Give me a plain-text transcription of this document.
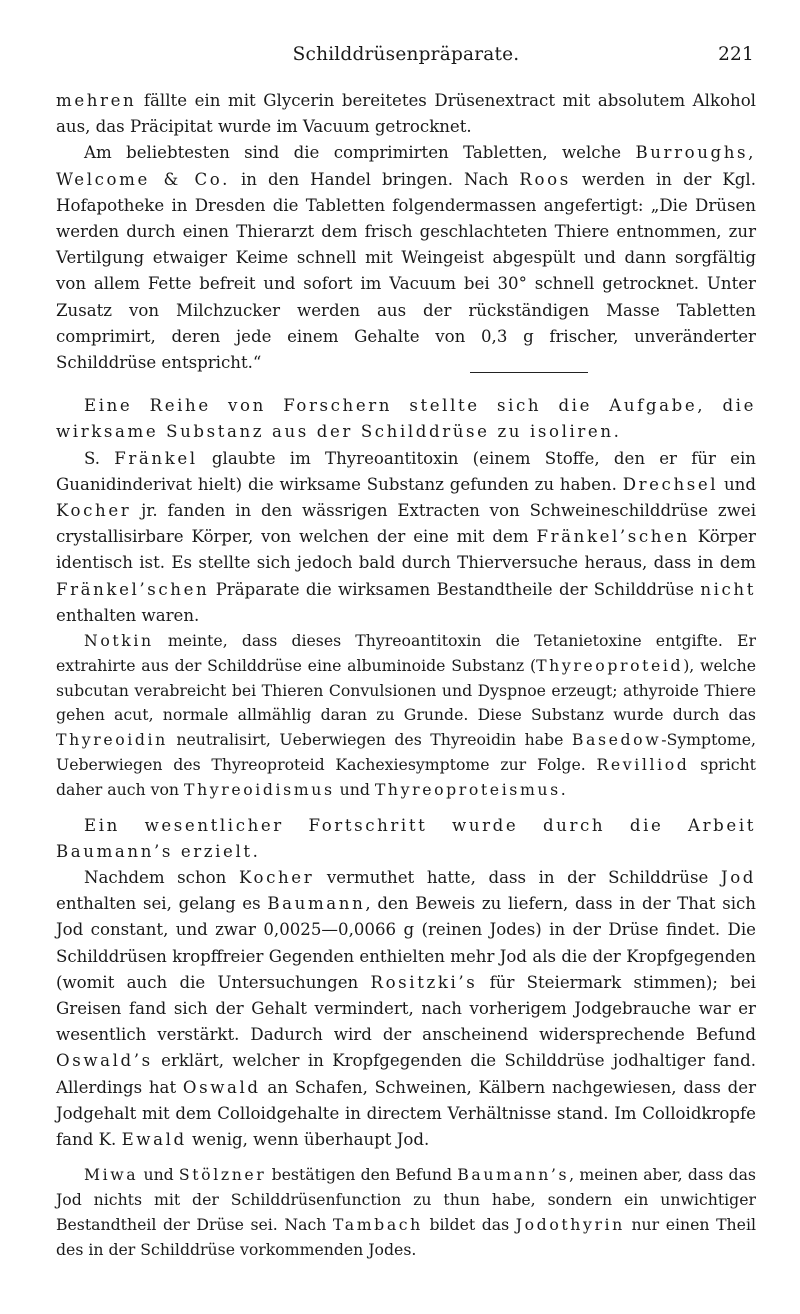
Schilddrüsenpräparate.	221

mehren fällte ein mit Glycerin bereitetes Drüsenextract mit absolutem Alkohol aus, das Präcipitat wurde im Vacuum getrocknet.

Am beliebtesten sind die comprimirten Tabletten, welche Burroughs, Welcome & Co. in den Handel bringen. Nach Roos werden in der Kgl. Hofapotheke in Dresden die Tabletten folgendermassen angefertigt: „Die Drüsen werden durch einen Thierarzt dem frisch geschlachteten Thiere entnommen, zur Vertilgung etwaiger Keime schnell mit Weingeist abgespült und dann sorgfältig von allem Fette befreit und sofort im Vacuum bei 30° schnell getrocknet. Unter Zusatz von Milchzucker werden aus der rückständigen Masse Tabletten comprimirt, deren jede einem Gehalte von 0,3 g frischer, unveränderter Schilddrüse entspricht.“

Eine Reihe von Forschern stellte sich die Aufgabe, die wirksame Substanz aus der Schilddrüse zu isoliren.

S. Fränkel glaubte im Thyreoantitoxin (einem Stoffe, den er für ein Guanidinderivat hielt) die wirksame Substanz gefunden zu haben. Drechsel und Kocher jr. fanden in den wässrigen Extracten von Schweineschilddrüse zwei crystallisirbare Körper, von welchen der eine mit dem Fränkel’schen Körper identisch ist. Es stellte sich jedoch bald durch Thierversuche heraus, dass in dem Fränkel’schen Präparate die wirksamen Bestandtheile der Schilddrüse nicht enthalten waren.

Notkin meinte, dass dieses Thyreoantitoxin die Tetanietoxine entgifte. Er extrahirte aus der Schilddrüse eine albuminoide Substanz (Thyreoproteid), welche subcutan verabreicht bei Thieren Convulsionen und Dyspnoe erzeugt; athyroide Thiere gehen acut, normale allmählig daran zu Grunde. Diese Substanz wurde durch das Thyreoidin neutralisirt, Ueberwiegen des Thyreoidin habe Basedow-Symptome, Ueberwiegen des Thyreoproteid Kachexiesymptome zur Folge. Revilliod spricht daher auch von Thyreoidismus und Thyreoproteismus.

Ein wesentlicher Fortschritt wurde durch die Arbeit Baumann’s erzielt.

Nachdem schon Kocher vermuthet hatte, dass in der Schilddrüse Jod enthalten sei, gelang es Baumann, den Beweis zu liefern, dass in der That sich Jod constant, und zwar 0,0025—0,0066 g (reinen Jodes) in der Drüse findet. Die Schilddrüsen kropffreier Gegenden enthielten mehr Jod als die der Kropfgegenden (womit auch die Untersuchungen Rositzki’s für Steiermark stimmen); bei Greisen fand sich der Gehalt vermindert, nach vorherigem Jodgebrauche war er wesentlich verstärkt. Dadurch wird der anscheinend widersprechende Befund Oswald’s erklärt, welcher in Kropfgegenden die Schilddrüse jodhaltiger fand. Allerdings hat Oswald an Schafen, Schweinen, Kälbern nachgewiesen, dass der Jodgehalt mit dem Colloidgehalte in directem Verhältnisse stand. Im Colloidkropfe fand K. Ewald wenig, wenn überhaupt Jod.

Miwa und Stölzner bestätigen den Befund Baumann’s, meinen aber, dass das Jod nichts mit der Schilddrüsenfunction zu thun habe, sondern ein unwichtiger Bestandtheil der Drüse sei. Nach Tambach bildet das Jodothyrin nur einen Theil des in der Schilddrüse vorkommenden Jodes.
